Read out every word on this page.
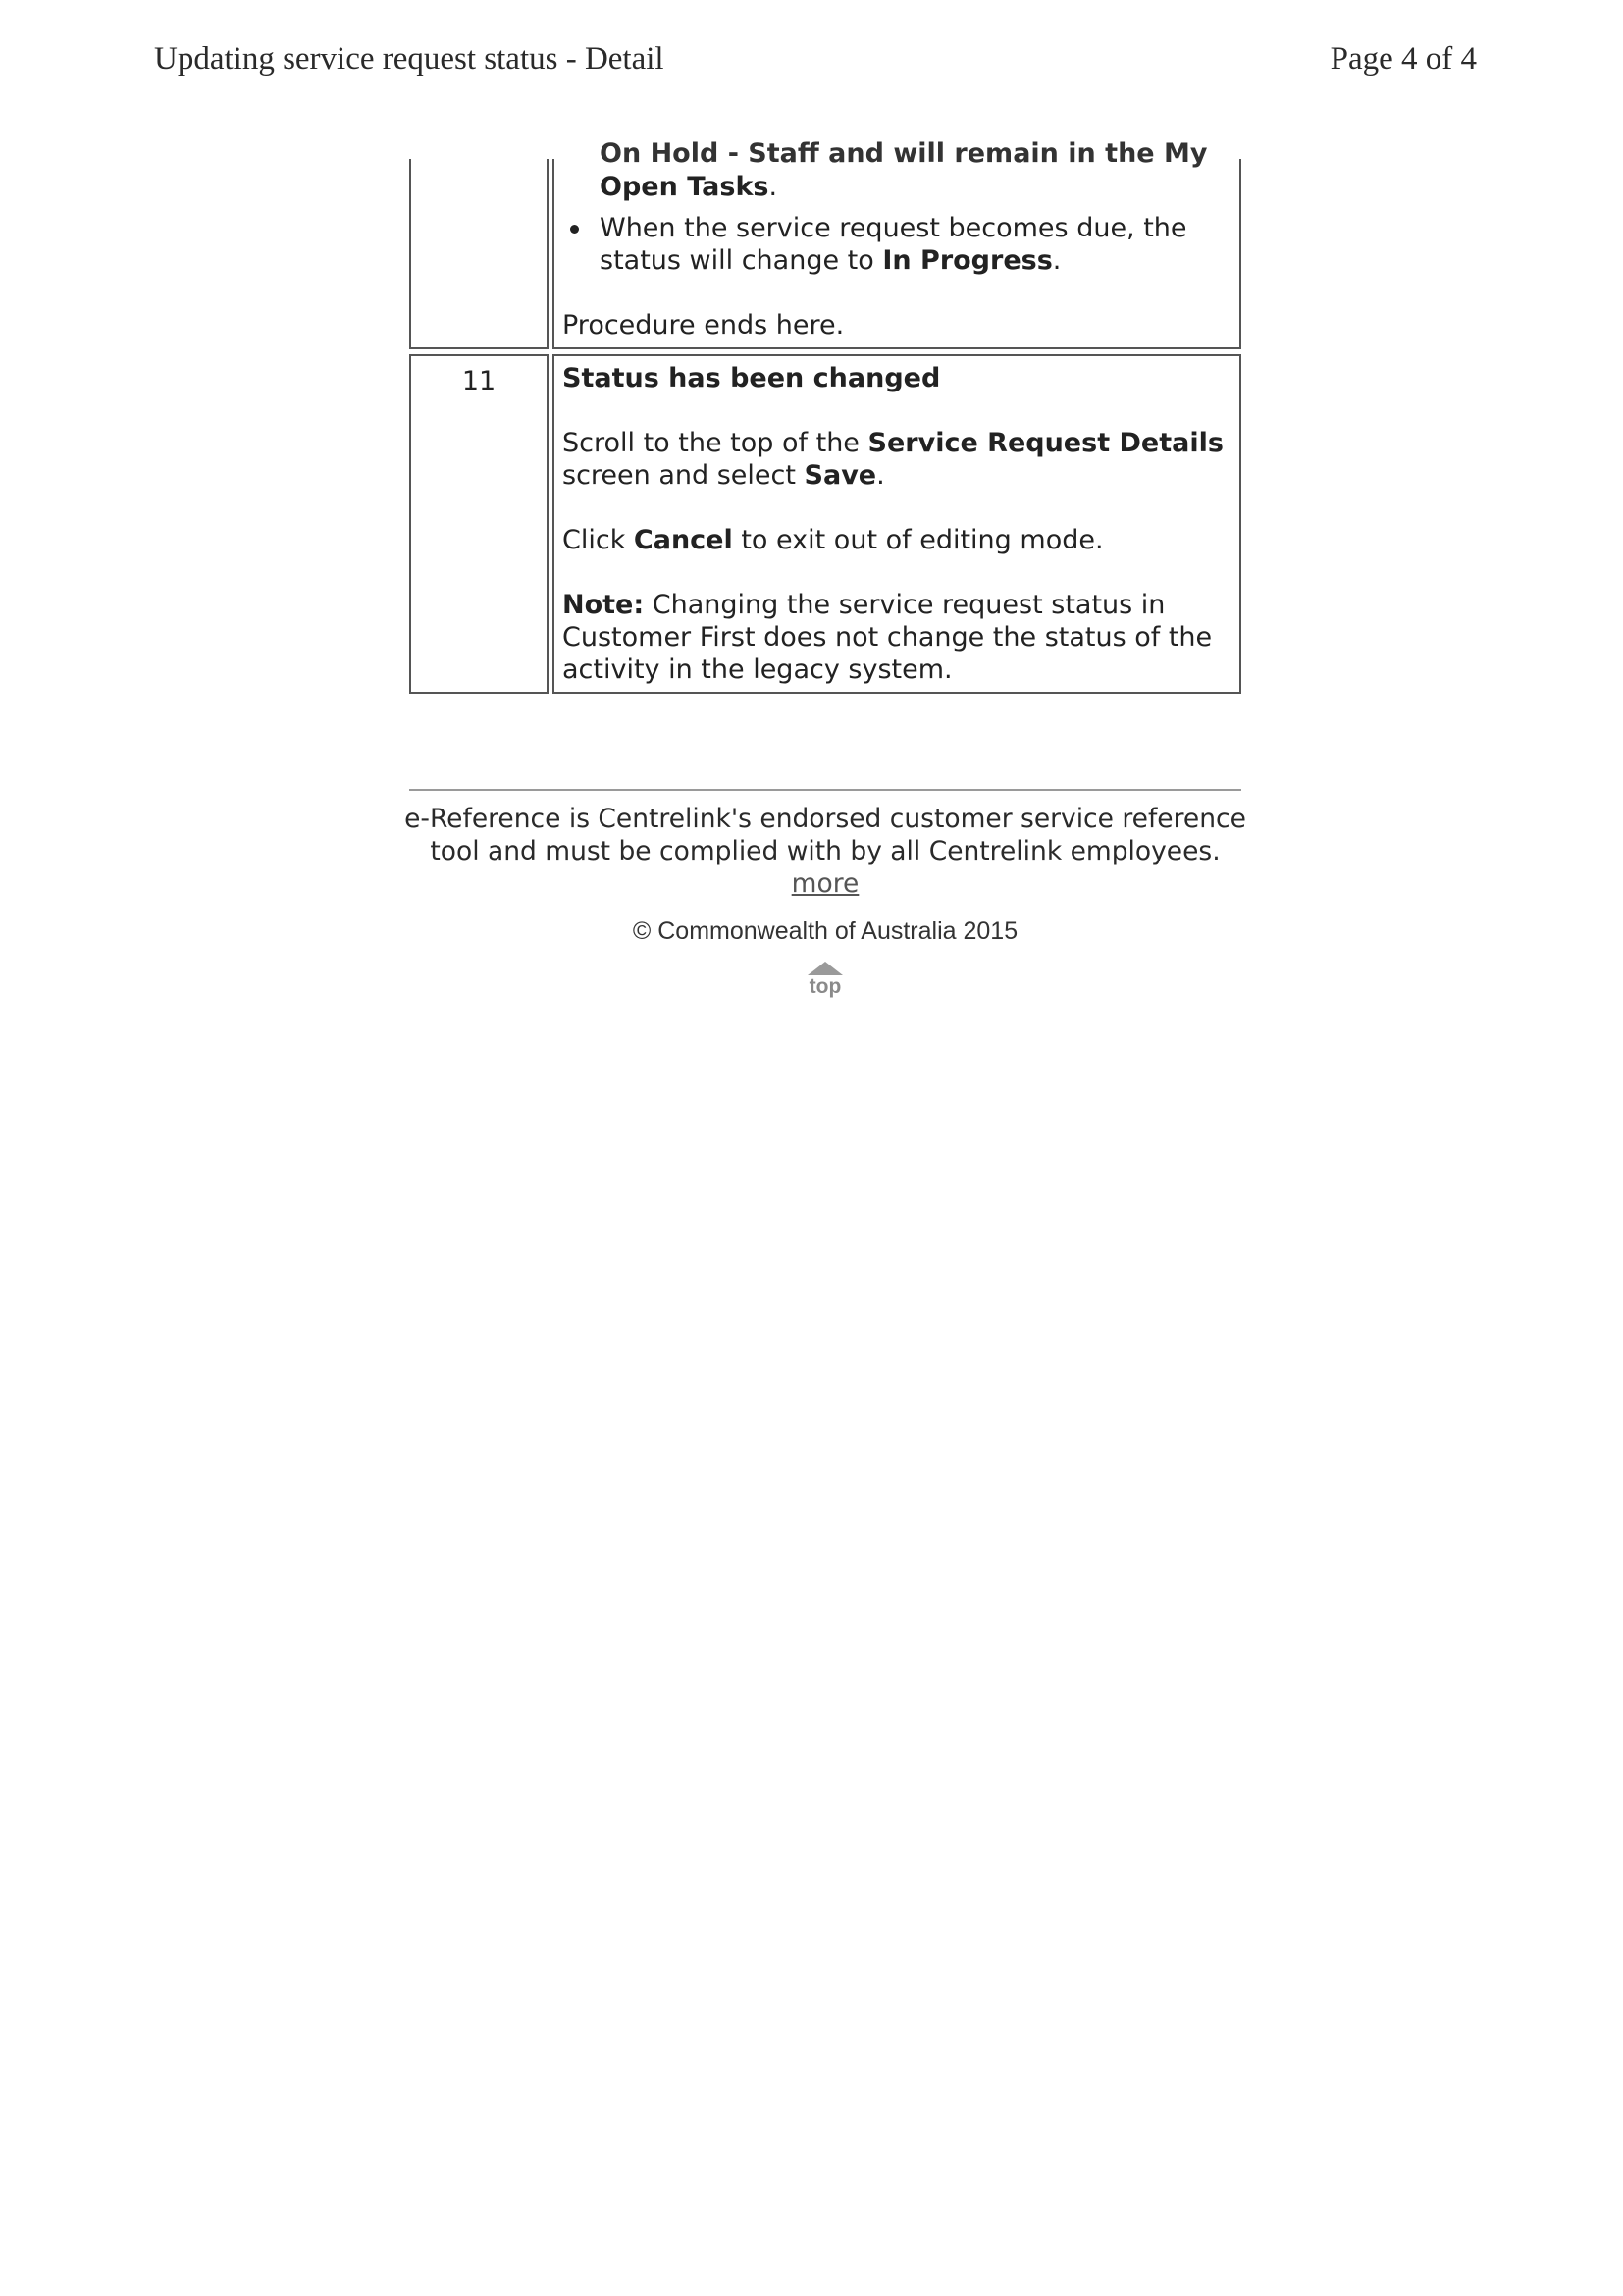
Updating service request status - Detail	Page 4 of 4
On Hold - Staff and will remain in the My
Open Tasks.
When the service request becomes due, the status will change to In Progress.

Procedure ends here.

11	Status has been changed

Scroll to the top of the Service Request Details screen and select Save.

Click Cancel to exit out of editing mode.

Note: Changing the service request status in Customer First does not change the status of the activity in the legacy system.

e-Reference is Centrelink's endorsed customer service reference
tool and must be complied with by all Centrelink employees.
more
© Commonwealth of Australia 2015
top
